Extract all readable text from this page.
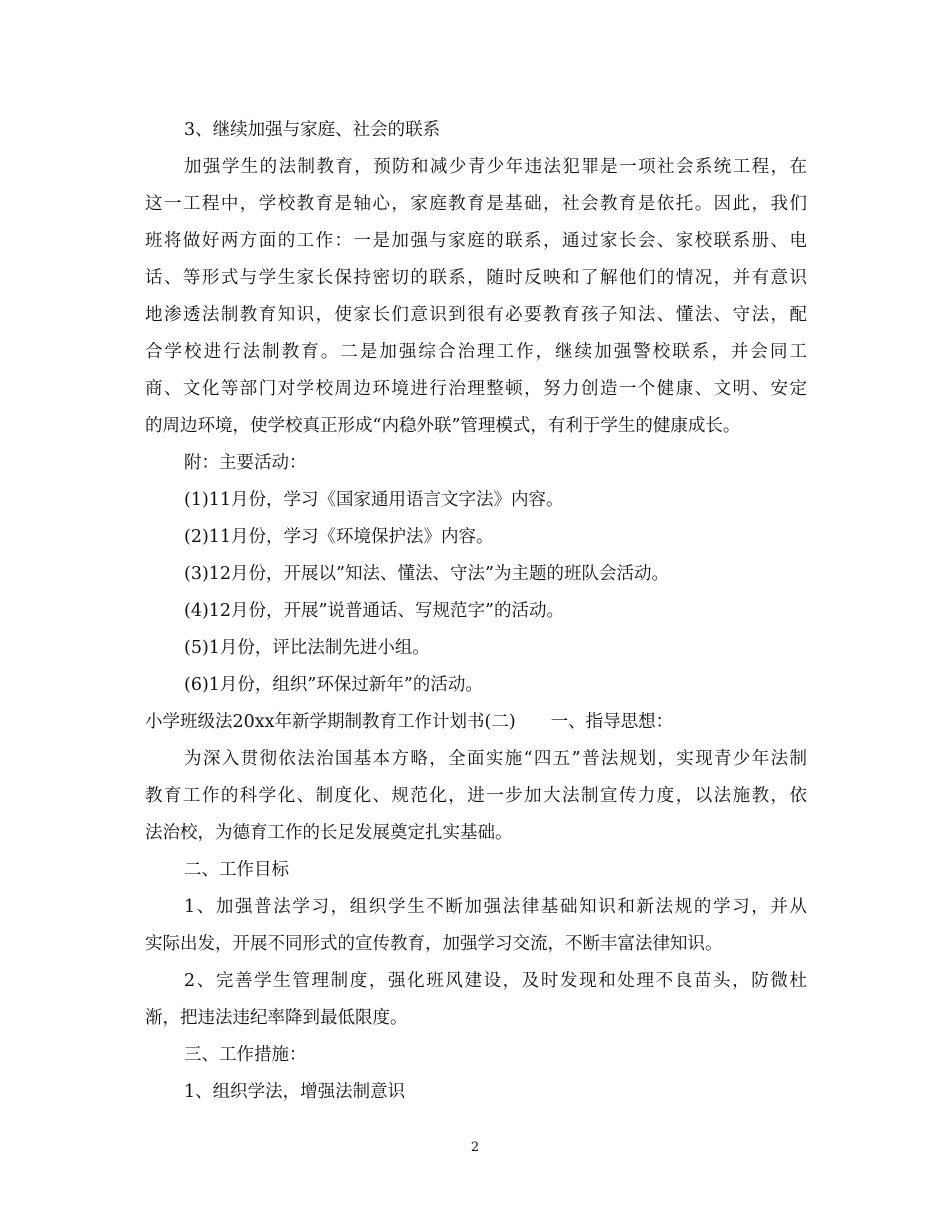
3、继续加强与家庭、社会的联系
加强学生的法制教育，预防和减少青少年违法犯罪是一项社会系统工程，在
这一工程中，学校教育是轴心，家庭教育是基础，社会教育是依托。因此，我们
班将做好两方面的工作：一是加强与家庭的联系，通过家长会、家校联系册、电
话、等形式与学生家长保持密切的联系，随时反映和了解他们的情况，并有意识
地渗透法制教育知识，使家长们意识到很有必要教育孩子知法、懂法、守法，配
合学校进行法制教育。二是加强综合治理工作，继续加强警校联系，并会同工
商、文化等部门对学校周边环境进行治理整顿，努力创造一个健康、文明、安定
的周边环境，使学校真正形成“内稳外联”管理模式，有利于学生的健康成长。
附：主要活动：
(1)11月份，学习《国家通用语言文字法》内容。
(2)11月份，学习《环境保护法》内容。
(3)12月份，开展以”知法、懂法、守法”为主题的班队会活动。
(4)12月份，开展”说普通话、写规范字”的活动。
(5)1月份，评比法制先进小组。
(6)1月份，组织”环保过新年”的活动。
小学班级法20xx年新学期制教育工作计划书(二)　　一、指导思想：
为深入贯彻依法治国基本方略，全面实施“四五”普法规划，实现青少年法制
教育工作的科学化、制度化、规范化，进一步加大法制宣传力度，以法施教，依
法治校，为德育工作的长足发展奠定扎实基础。
二、工作目标
1、加强普法学习，组织学生不断加强法律基础知识和新法规的学习，并从
实际出发，开展不同形式的宣传教育，加强学习交流，不断丰富法律知识。
2、完善学生管理制度，强化班风建设，及时发现和处理不良苗头，防微杜
渐，把违法违纪率降到最低限度。
三、工作措施：
1、组织学法，增强法制意识
2
